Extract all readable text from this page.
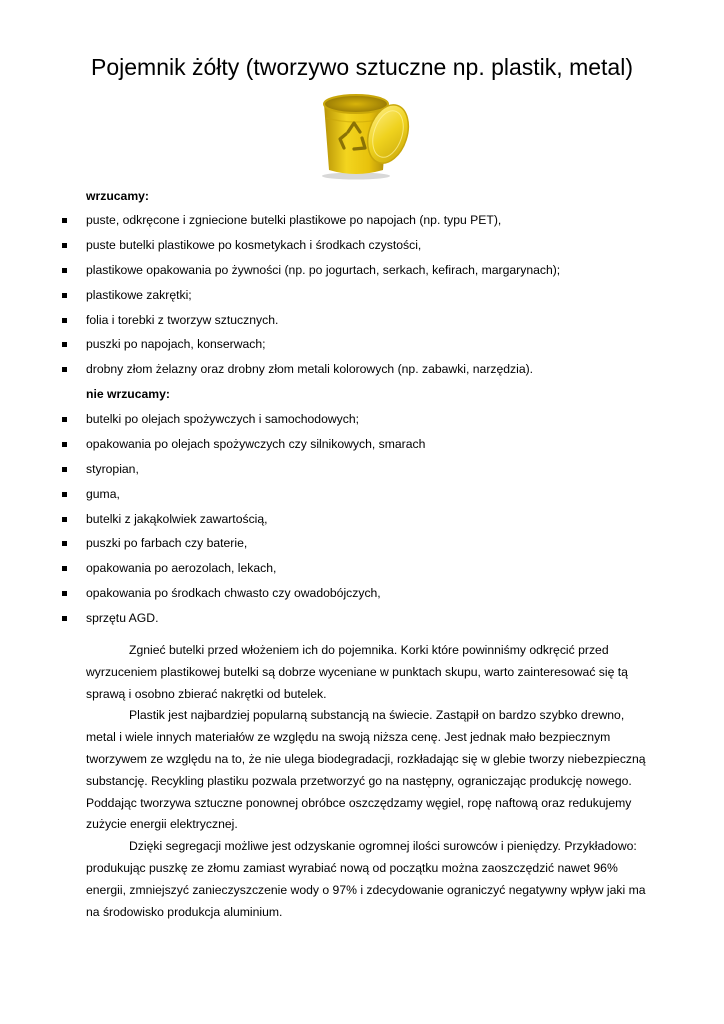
Pojemnik żółty (tworzywo sztuczne np. plastik, metal)
wrzucamy:
puste, odkręcone i zgniecione butelki plastikowe po napojach (np. typu PET),
puste butelki plastikowe po kosmetykach i środkach czystości,
plastikowe opakowania po żywności (np. po jogurtach, serkach, kefirach, margarynach);
plastikowe zakrętki;
folia i torebki z tworzyw sztucznych.
puszki po napojach, konserwach;
drobny złom żelazny oraz drobny złom metali kolorowych (np. zabawki, narzędzia).
nie wrzucamy:
butelki po olejach spożywczych i samochodowych;
opakowania po olejach spożywczych czy silnikowych, smarach
styropian,
guma,
butelki z jakąkolwiek zawartością,
puszki po farbach czy baterie,
opakowania po aerozolach, lekach,
opakowania po środkach chwasto czy owadobójczych,
sprzętu AGD.

Zgnieć butelki przed włożeniem ich do pojemnika. Korki które powinniśmy odkręcić przed wyrzuceniem plastikowej butelki są dobrze wyceniane w punktach skupu, warto zainteresować się tą sprawą i osobno zbierać nakrętki od butelek.

Plastik jest najbardziej popularną substancją na świecie. Zastąpił on bardzo szybko drewno, metal i wiele innych materiałów ze względu na swoją niższa cenę. Jest jednak mało bezpiecznym tworzywem ze względu na to, że nie ulega biodegradacji, rozkładając się w glebie tworzy niebezpieczną substancję. Recykling plastiku pozwala przetworzyć go na następny, ograniczając produkcję nowego. Poddając tworzywa sztuczne ponownej obróbce oszczędzamy węgiel, ropę naftową oraz redukujemy zużycie energii elektrycznej.

Dzięki segregacji możliwe jest odzyskanie ogromnej ilości surowców i pieniędzy. Przykładowo: produkując puszkę ze złomu zamiast wyrabiać nową od początku można zaoszczędzić nawet 96% energii, zmniejszyć zanieczyszczenie wody o 97% i zdecydowanie ograniczyć negatywny wpływ jaki ma na środowisko produkcja aluminium.
